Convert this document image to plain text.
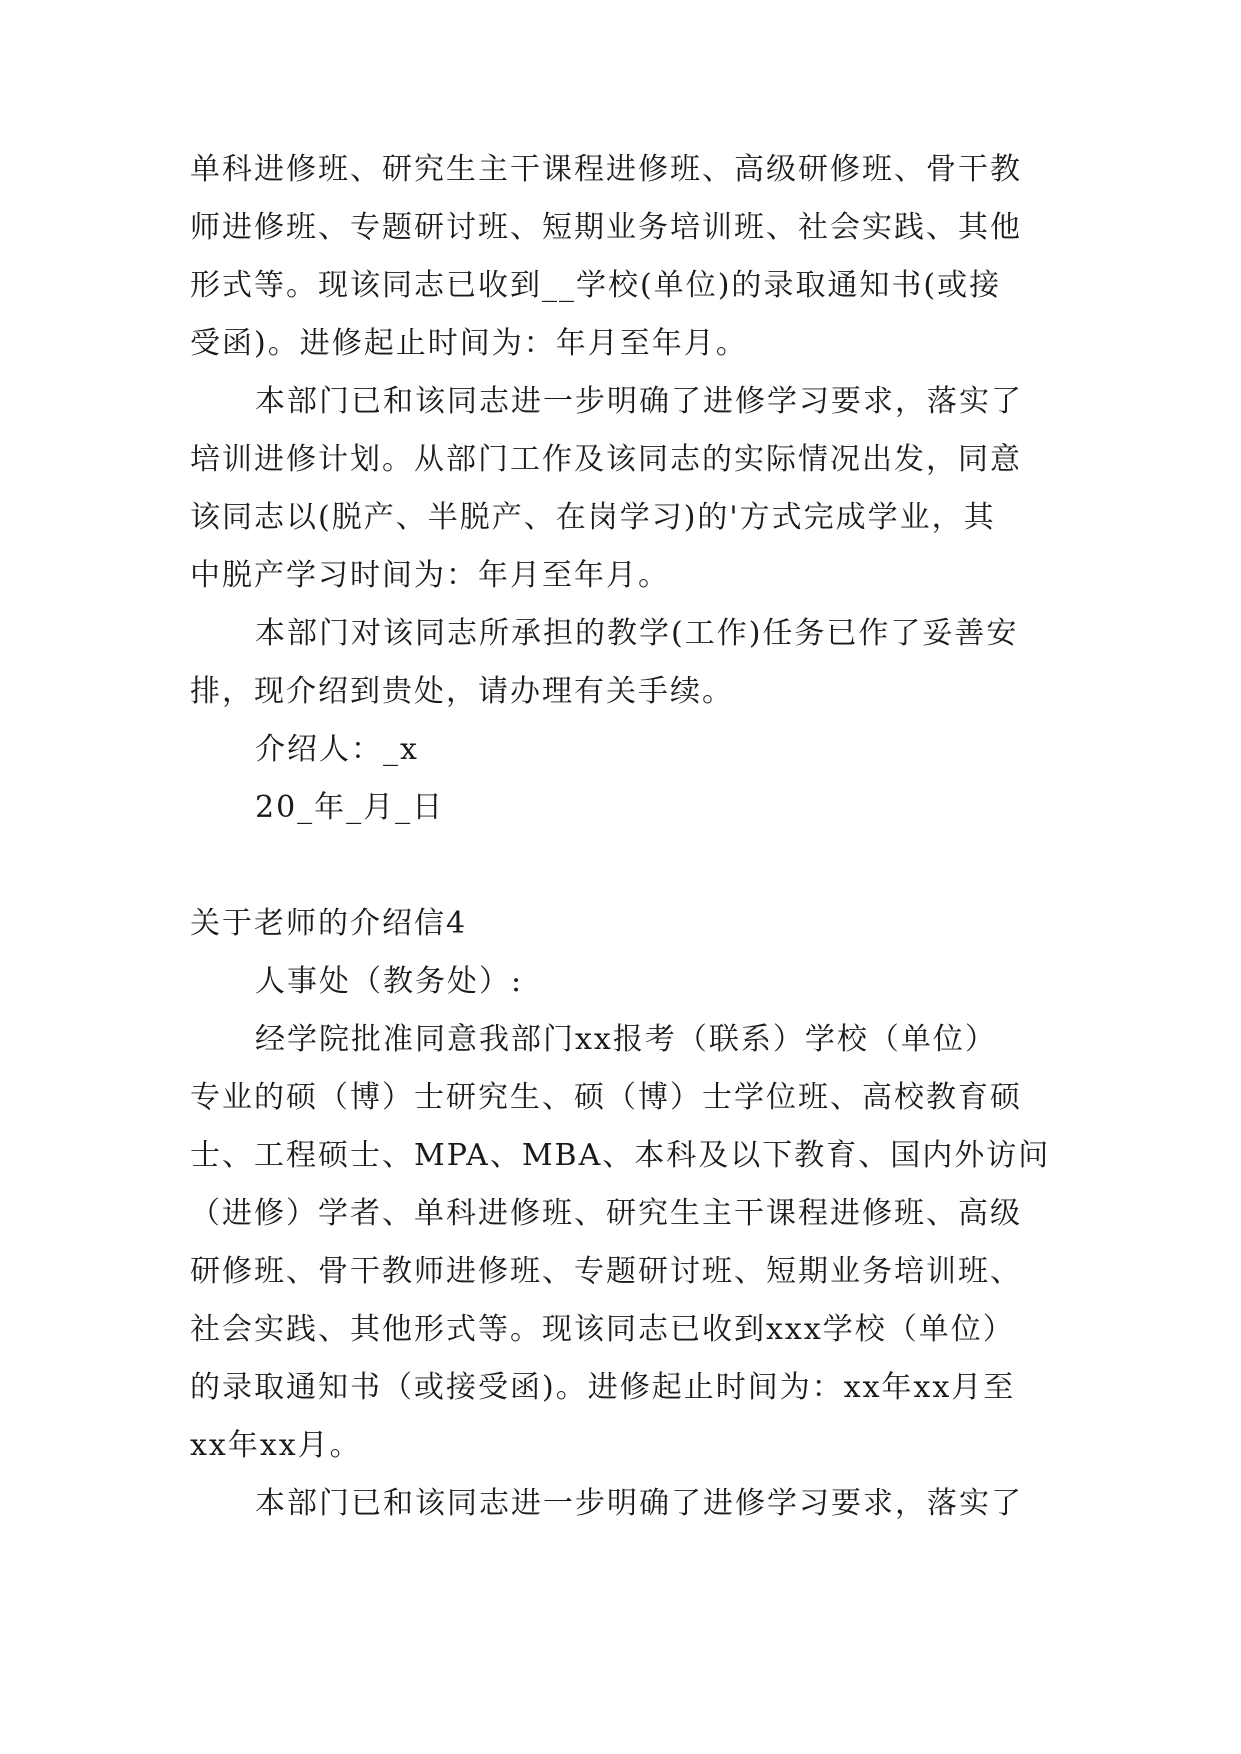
单科进修班、研究生主干课程进修班、高级研修班、骨干教
师进修班、专题研讨班、短期业务培训班、社会实践、其他
形式等。现该同志已收到__学校(单位)的录取通知书(或接
受函)。进修起止时间为：年月至年月。
本部门已和该同志进一步明确了进修学习要求，落实了
培训进修计划。从部门工作及该同志的实际情况出发，同意
该同志以(脱产、半脱产、在岗学习)的'方式完成学业，其
中脱产学习时间为：年月至年月。
本部门对该同志所承担的教学(工作)任务已作了妥善安
排，现介绍到贵处，请办理有关手续。
介绍人：_x
20_年_月_日
关于老师的介绍信4
人事处（教务处）:
经学院批准同意我部门xx报考（联系）学校（单位）
专业的硕（博）士研究生、硕（博）士学位班、高校教育硕
士、工程硕士、MPA、MBA、本科及以下教育、国内外访问
（进修）学者、单科进修班、研究生主干课程进修班、高级
研修班、骨干教师进修班、专题研讨班、短期业务培训班、
社会实践、其他形式等。现该同志已收到xxx学校（单位）
的录取通知书（或接受函)。进修起止时间为：xx年xx月至
xx年xx月。
本部门已和该同志进一步明确了进修学习要求，落实了
